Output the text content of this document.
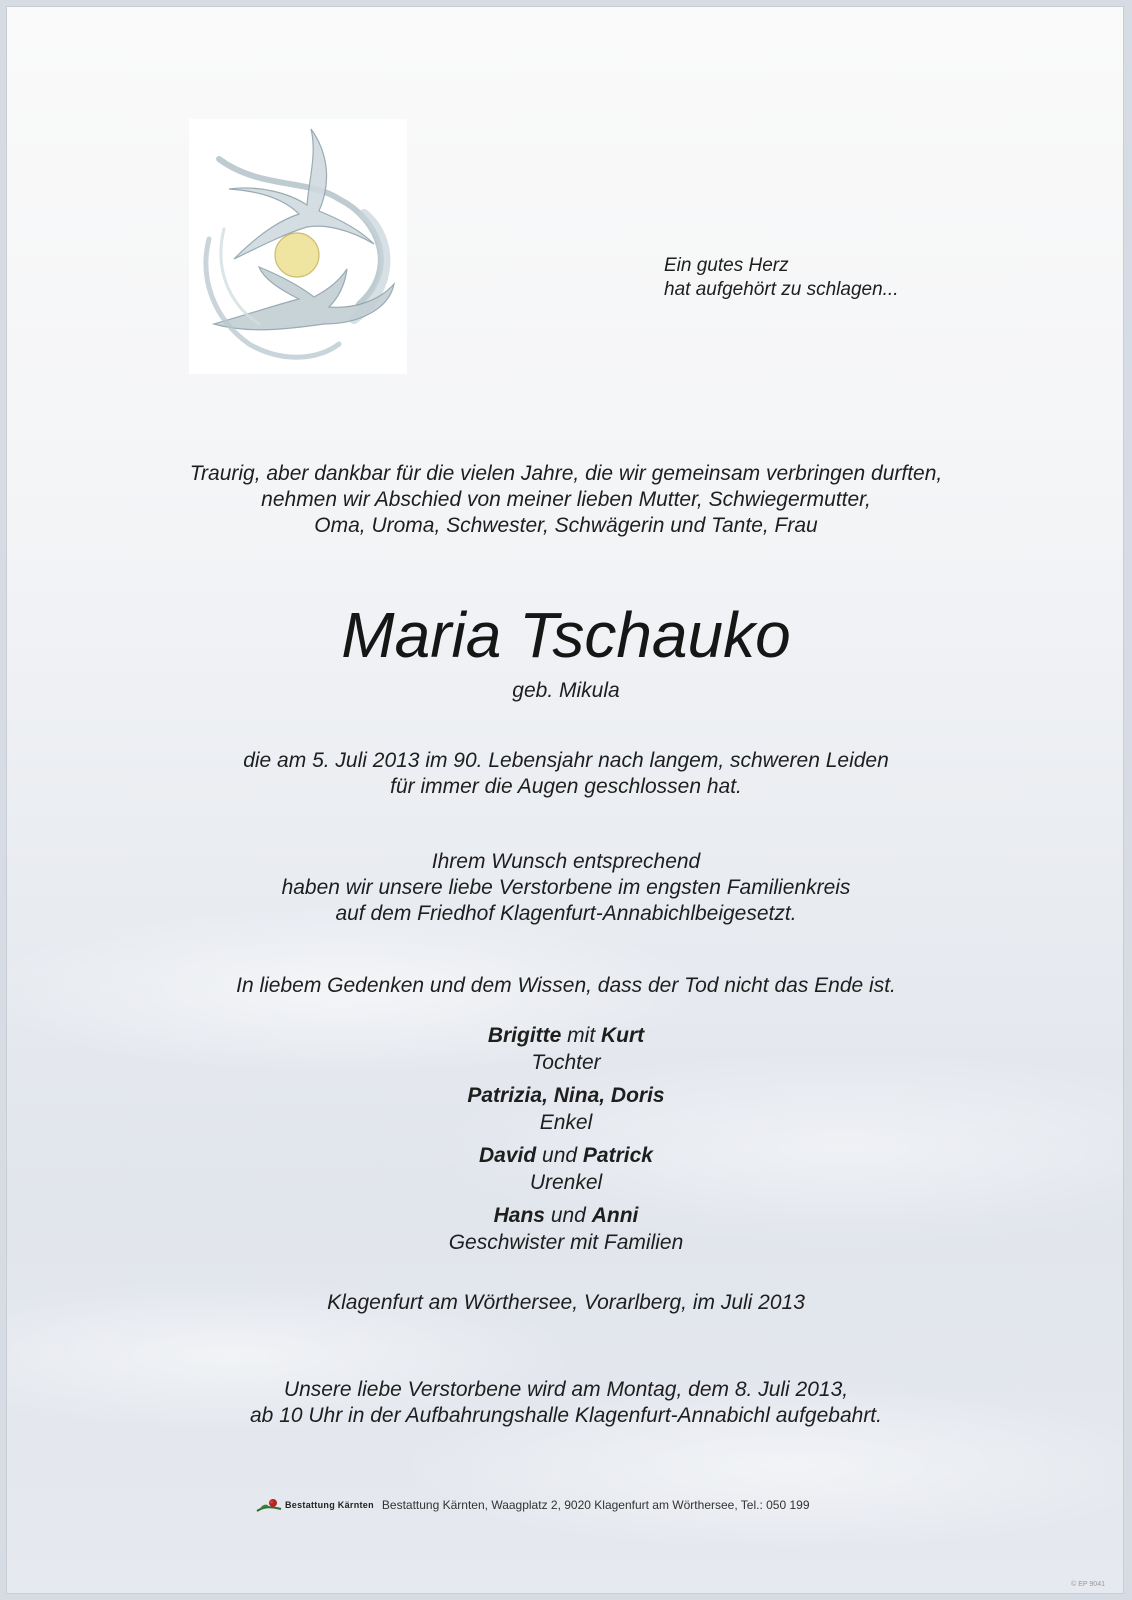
Ein gutes Herz
hat aufgehört zu schlagen...
Traurig, aber dankbar für die vielen Jahre, die wir gemeinsam verbringen durften,
nehmen wir Abschied von meiner lieben Mutter, Schwiegermutter,
Oma, Uroma, Schwester, Schwägerin und Tante, Frau
Maria Tschauko
geb. Mikula
die am 5. Juli 2013 im 90. Lebensjahr nach langem, schweren Leiden
für immer die Augen geschlossen hat.
Ihrem Wunsch entsprechend
haben wir unsere liebe Verstorbene im engsten Familienkreis
auf dem Friedhof Klagenfurt-Annabichlbeigesetzt.
In liebem Gedenken und dem Wissen, dass der Tod nicht das Ende ist.
Brigitte mit Kurt
Tochter
Patrizia, Nina, Doris
Enkel
David und Patrick
Urenkel
Hans und Anni
Geschwister mit Familien
Klagenfurt am Wörthersee, Vorarlberg, im Juli 2013
Unsere liebe Verstorbene wird am Montag, dem 8. Juli 2013,
ab 10 Uhr in der Aufbahrungshalle Klagenfurt-Annabichl aufgebahrt.
Bestattung Kärnten Bestattung Kärnten, Waagplatz 2, 9020 Klagenfurt am Wörthersee, Tel.: 050 199
© EP 9041
